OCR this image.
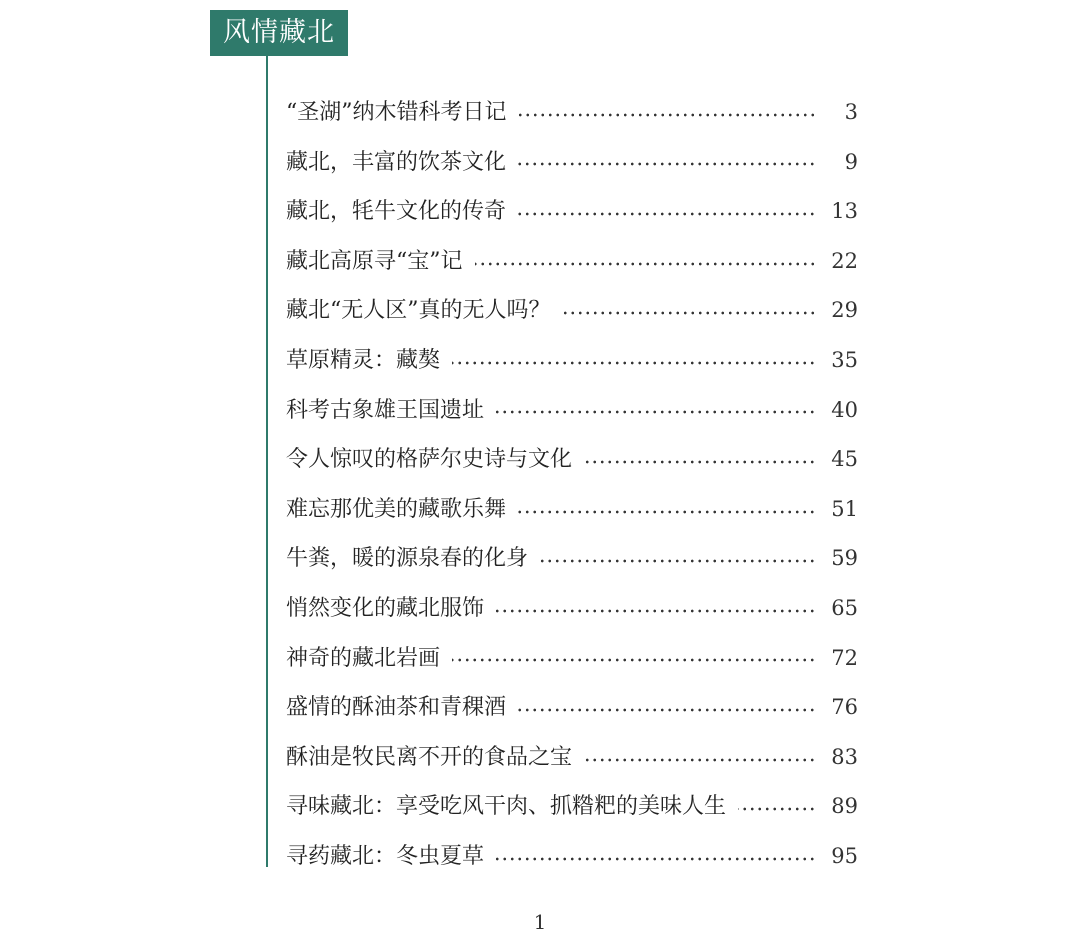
风情藏北
“圣湖”纳木错科考日记	3
藏北，丰富的饮茶文化	9
藏北，牦牛文化的传奇	13
藏北高原寻“宝”记	22
藏北“无人区”真的无人吗？	29
草原精灵：藏獒	35
科考古象雄王国遗址	40
令人惊叹的格萨尔史诗与文化	45
难忘那优美的藏歌乐舞	51
牛粪，暖的源泉春的化身	59
悄然变化的藏北服饰	65
神奇的藏北岩画	72
盛情的酥油茶和青稞酒	76
酥油是牧民离不开的食品之宝	83
寻味藏北：享受吃风干肉、抓糌粑的美味人生	89
寻药藏北：冬虫夏草	95
1
